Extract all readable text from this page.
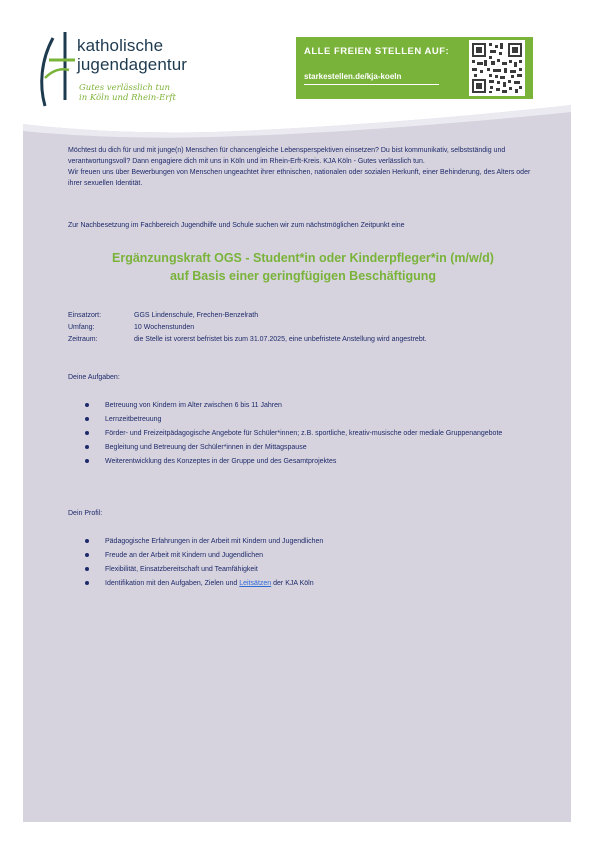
katholische
jugendagentur
Gutes verlässlich tun
in Köln und Rhein-Erft
ALLE FREIEN STELLEN AUF:
starkestellen.de/kja-koeln
Möchtest du dich für und mit junge(n) Menschen für chancengleiche Lebensperspektiven einsetzen? Du bist kommunikativ, selbstständig und verantwortungsvoll? Dann engagiere dich mit uns in Köln und im Rhein-Erft-Kreis. KJA Köln - Gutes verlässlich tun.
Wir freuen uns über Bewerbungen von Menschen ungeachtet ihrer ethnischen, nationalen oder sozialen Herkunft, einer Behinderung, des Alters oder ihrer sexuellen Identität.
Zur Nachbesetzung im Fachbereich Jugendhilfe und Schule suchen wir zum nächstmöglichen Zeitpunkt eine
Ergänzungskraft OGS - Student*in oder Kinderpfleger*in (m/w/d)
auf Basis einer geringfügigen Beschäftigung
Einsatzort:	GGS Lindenschule, Frechen-Benzelrath
Umfang:	10 Wochenstunden
Zeitraum:	die Stelle ist vorerst befristet bis zum 31.07.2025, eine unbefristete Anstellung wird angestrebt.
Deine Aufgaben:
Betreuung von Kindern im Alter zwischen 6 bis 11 Jahren
Lernzeitbetreuung
Förder- und Freizeitpädagogische Angebote für Schüler*innen; z.B. sportliche, kreativ-musische oder mediale Gruppenangebote
Begleitung und Betreuung der Schüler*innen in der Mittagspause
Weiterentwicklung des Konzeptes in der Gruppe und des Gesamtprojektes
Dein Profil:
Pädagogische Erfahrungen in der Arbeit mit Kindern und Jugendlichen
Freude an der Arbeit mit Kindern und Jugendlichen
Flexibilität, Einsatzbereitschaft und Teamfähigkeit
Identifikation mit den Aufgaben, Zielen und Leitsätzen der KJA Köln
